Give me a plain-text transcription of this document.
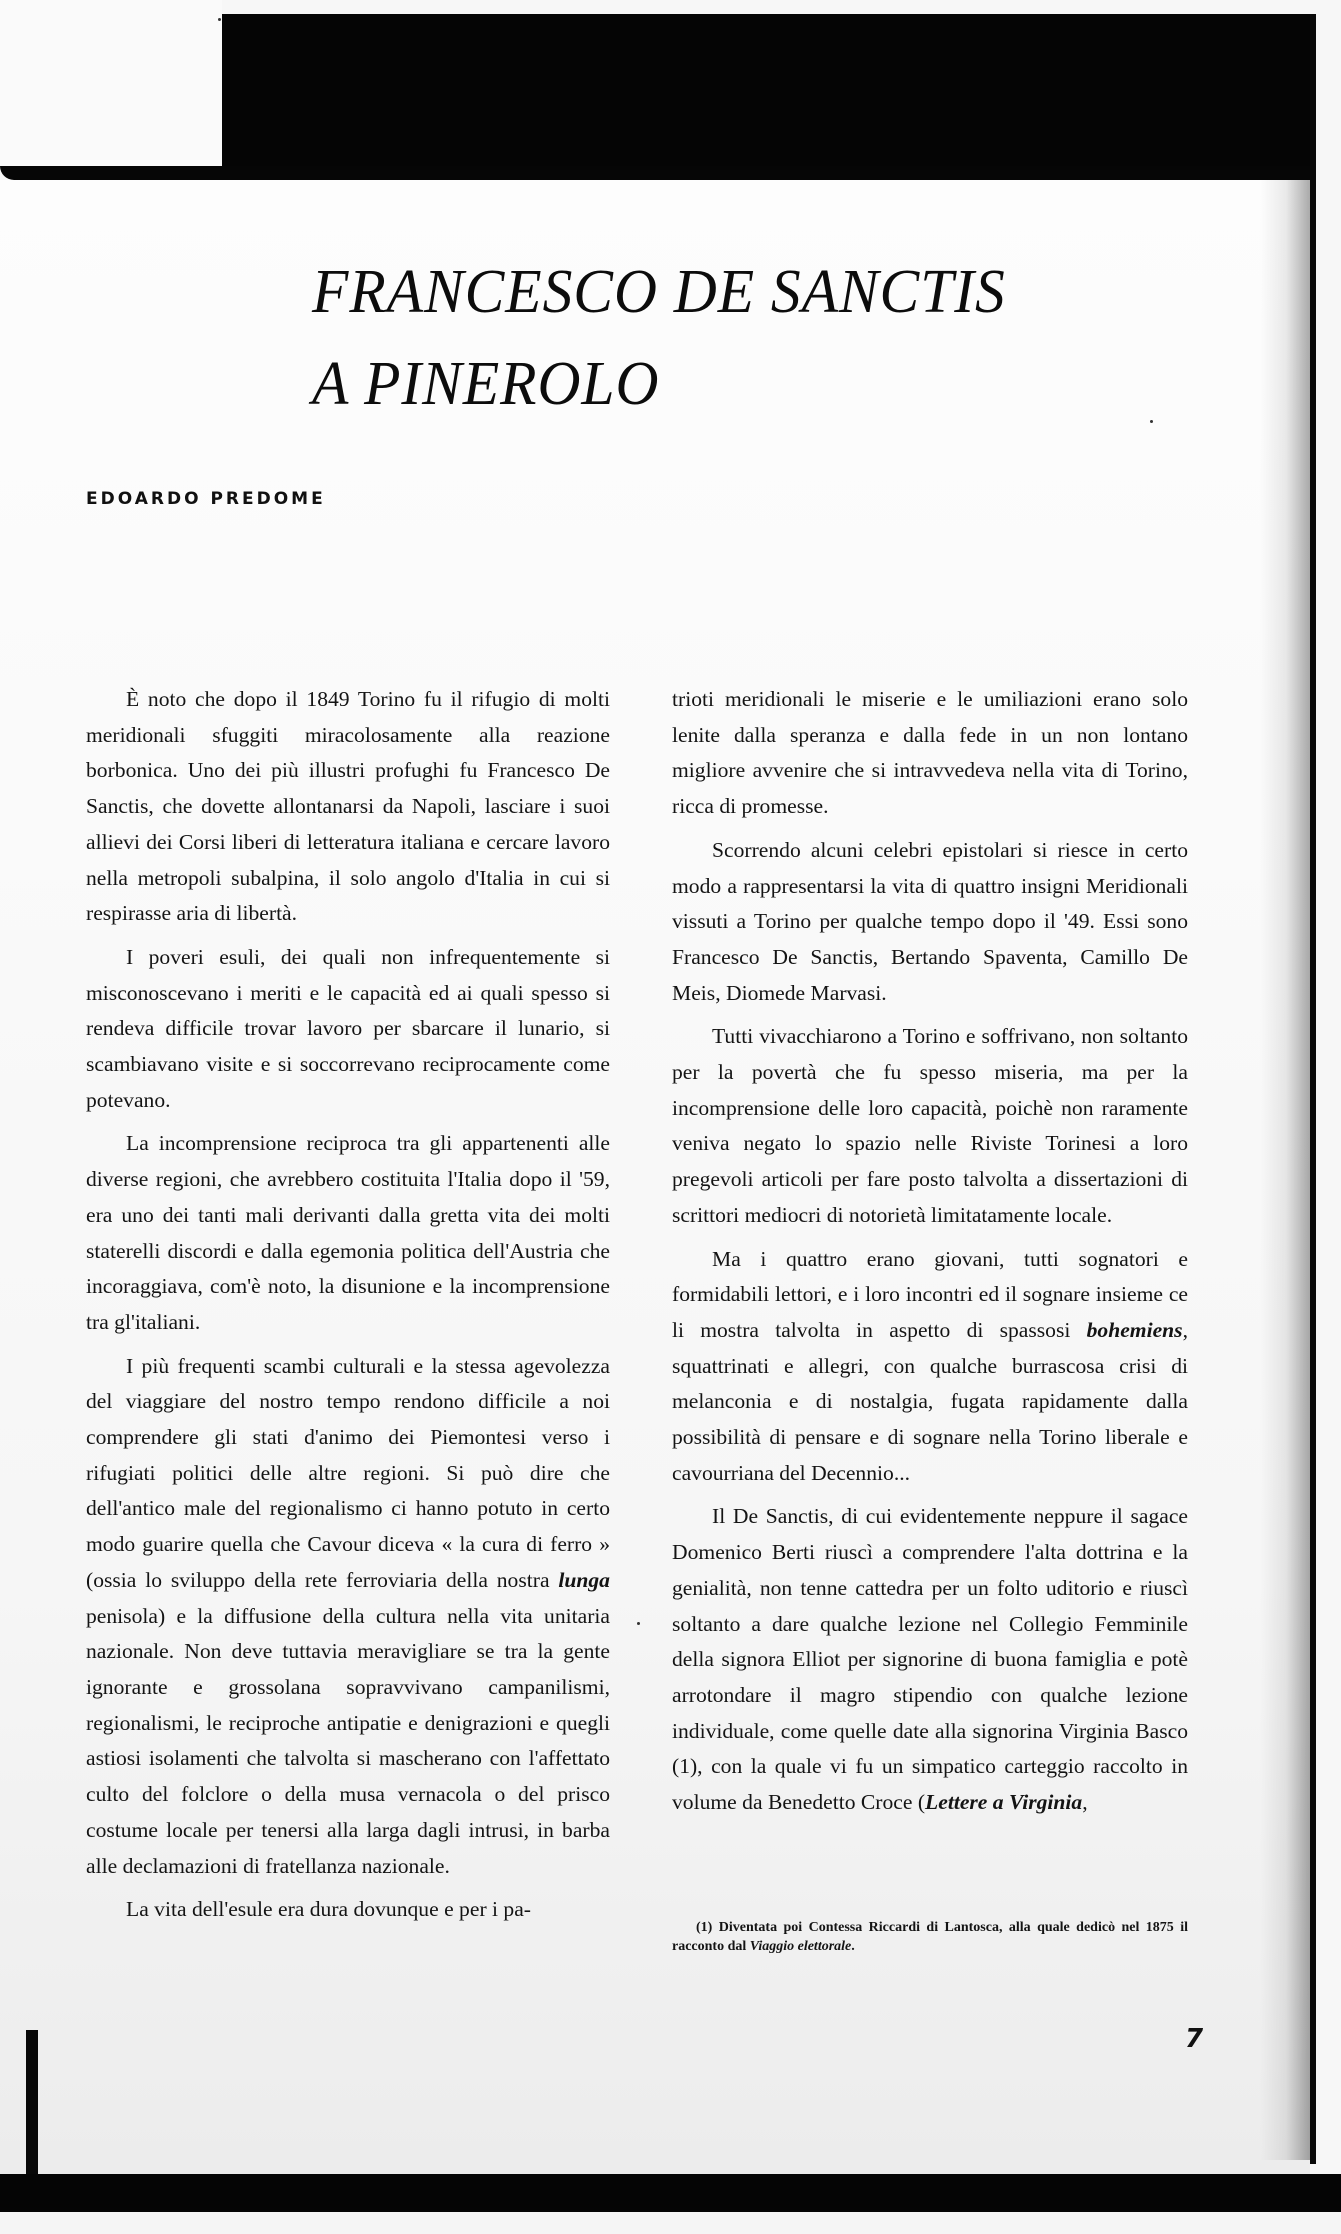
FRANCESCO DE SANCTIS
A PINEROLO
EDOARDO PREDOME

È noto che dopo il 1849 Torino fu il rifugio di molti meridionali sfuggiti miracolosamente alla reazione borbonica. Uno dei più illustri profughi fu Francesco De Sanctis, che dovette allontanarsi da Napoli, lasciare i suoi allievi dei Corsi liberi di letteratura italiana e cercare lavoro nella metropoli subalpina, il solo angolo d'Italia in cui si respirasse aria di libertà.

I poveri esuli, dei quali non infrequentemente si misconoscevano i meriti e le capacità ed ai quali spesso si rendeva difficile trovar lavoro per sbarcare il lunario, si scambiavano visite e si soccorrevano reciprocamente come potevano.

La incomprensione reciproca tra gli appartenenti alle diverse regioni, che avrebbero costituita l'Italia dopo il '59, era uno dei tanti mali derivanti dalla gretta vita dei molti staterelli discordi e dalla egemonia politica dell'Austria che incoraggiava, com'è noto, la disunione e la incomprensione tra gl'italiani.

I più frequenti scambi culturali e la stessa agevolezza del viaggiare del nostro tempo rendono difficile a noi comprendere gli stati d'animo dei Piemontesi verso i rifugiati politici delle altre regioni. Si può dire che dell'antico male del regionalismo ci hanno potuto in certo modo guarire quella che Cavour diceva « la cura di ferro » (ossia lo sviluppo della rete ferroviaria della nostra lunga penisola) e la diffusione della cultura nella vita unitaria nazionale. Non deve tuttavia meravigliare se tra la gente ignorante e grossolana sopravvivano campanilismi, regionalismi, le reciproche antipatie e denigrazioni e quegli astiosi isolamenti che talvolta si mascherano con l'affettato culto del folclore o della musa vernacola o del prisco costume locale per tenersi alla larga dagli intrusi, in barba alle declamazioni di fratellanza nazionale.

La vita dell'esule era dura dovunque e per i pa-

trioti meridionali le miserie e le umiliazioni erano solo lenite dalla speranza e dalla fede in un non lontano migliore avvenire che si intravvedeva nella vita di Torino, ricca di promesse.

Scorrendo alcuni celebri epistolari si riesce in certo modo a rappresentarsi la vita di quattro insigni Meridionali vissuti a Torino per qualche tempo dopo il '49. Essi sono Francesco De Sanctis, Bertando Spaventa, Camillo De Meis, Diomede Marvasi.

Tutti vivacchiarono a Torino e soffrivano, non soltanto per la povertà che fu spesso miseria, ma per la incomprensione delle loro capacità, poichè non raramente veniva negato lo spazio nelle Riviste Torinesi a loro pregevoli articoli per fare posto talvolta a dissertazioni di scrittori mediocri di notorietà limitatamente locale.

Ma i quattro erano giovani, tutti sognatori e formidabili lettori, e i loro incontri ed il sognare insieme ce li mostra talvolta in aspetto di spassosi bohemiens, squattrinati e allegri, con qualche burrascosa crisi di melanconia e di nostalgia, fugata rapidamente dalla possibilità di pensare e di sognare nella Torino liberale e cavourriana del Decennio...

Il De Sanctis, di cui evidentemente neppure il sagace Domenico Berti riuscì a comprendere l'alta dottrina e la genialità, non tenne cattedra per un folto uditorio e riuscì soltanto a dare qualche lezione nel Collegio Femminile della signora Elliot per signorine di buona famiglia e potè arrotondare il magro stipendio con qualche lezione individuale, come quelle date alla signorina Virginia Basco (1), con la quale vi fu un simpatico carteggio raccolto in volume da Benedetto Croce (Lettere a Virginia,

(1) Diventata poi Contessa Riccardi di Lantosca, alla quale dedicò nel 1875 il racconto dal Viaggio elettorale.
7
